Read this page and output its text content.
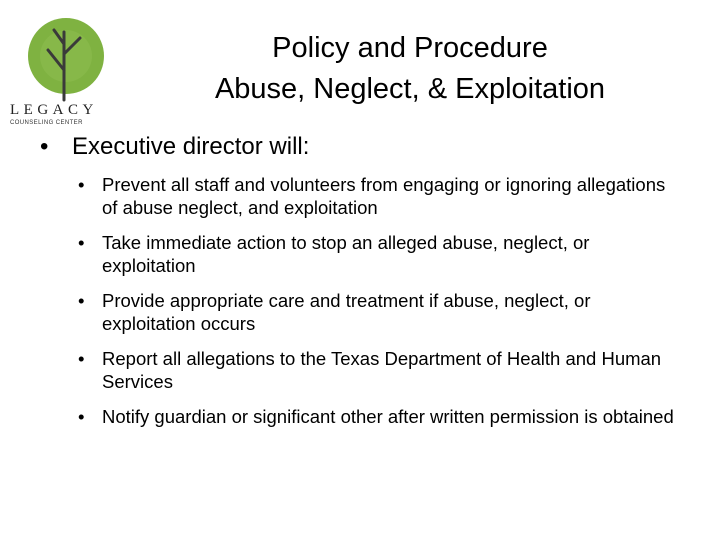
LEGACY
COUNSELING CENTER
Policy and Procedure
Abuse, Neglect, & Exploitation
• Executive director will:
• Prevent all staff and volunteers from engaging or ignoring allegations of abuse neglect, and exploitation
• Take immediate action to stop an alleged abuse, neglect, or exploitation
• Provide appropriate care and treatment if abuse, neglect, or exploitation occurs
• Report all allegations to the Texas Department of Health and Human Services
• Notify guardian or significant other after written permission is obtained
